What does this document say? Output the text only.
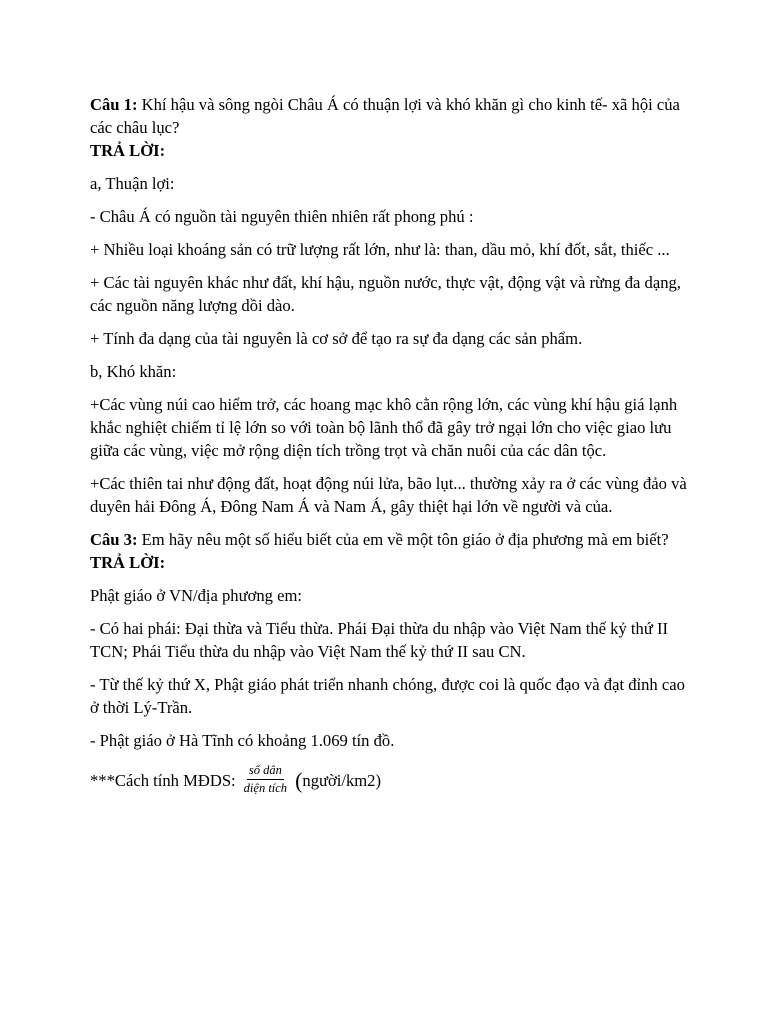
Câu 1: Khí hậu và sông ngòi Châu Á có thuận lợi và khó khăn gì cho kinh tế- xã hội của các châu lục?

TRẢ LỜI:

a, Thuận lợi:

- Châu Á có nguồn tài nguyên thiên nhiên rất phong phú :

+ Nhiều loại khoáng sản có trữ lượng rất lớn, như là: than, dầu mỏ, khí đốt, sắt, thiếc ...

+ Các tài nguyên khác như đất, khí hậu, nguồn nước, thực vật, động vật và rừng đa dạng, các nguồn năng lượng dồi dào.

+ Tính đa dạng của tài nguyên là cơ sở để tạo ra sự đa dạng các sản phẩm.

b, Khó khăn:

+Các vùng núi cao hiểm trở, các hoang mạc khô cằn rộng lớn, các vùng khí hậu giá lạnh khắc nghiệt chiếm tỉ lệ lớn so với toàn bộ lãnh thổ đã gây trở ngại lớn cho việc giao lưu giữa các vùng, việc mở rộng diện tích trồng trọt và chăn nuôi của các dân tộc.

+Các thiên tai như động đất, hoạt động núi lửa, bão lụt... thường xảy ra ở các vùng đảo và duyên hải Đông Á, Đông Nam Á và Nam Á, gây thiệt hại lớn về người và của.

Câu 3: Em hãy nêu một số hiểu biết của em về một tôn giáo ở địa phương mà em biết?

TRẢ LỜI:

Phật giáo ở VN/địa phương em:

- Có hai phái: Đại thừa và Tiểu thừa. Phái Đại thừa du nhập vào Việt Nam thế kỷ thứ II TCN; Phái Tiểu thừa du nhập vào Việt Nam thế kỷ thứ II sau CN.

- Từ thế kỷ thứ X, Phật giáo phát triển nhanh chóng, được coi là quốc đạo và đạt đỉnh cao ở thời Lý-Trần.

- Phật giáo ở Hà Tĩnh có khoảng 1.069 tín đồ.

***Cách tính MĐDS: $\frac{\text{số dân}}{\text{diện tích}}$ ( người/km2)
